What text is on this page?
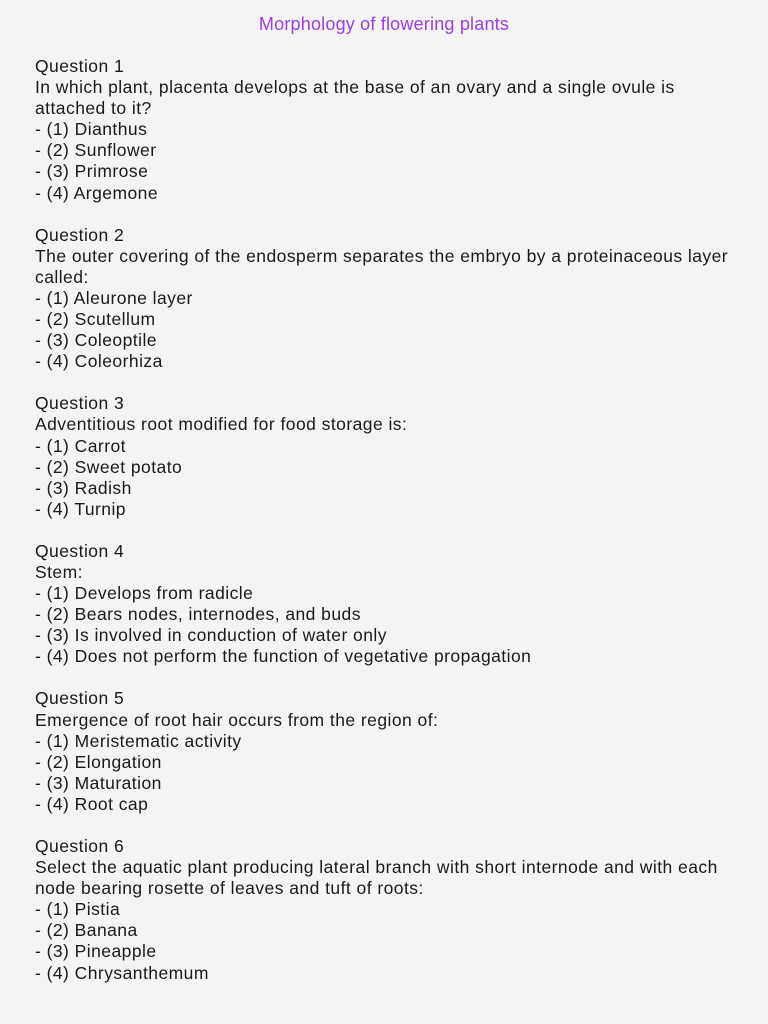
Morphology of flowering plants
Question 1
In which plant, placenta develops at the base of an ovary and a single ovule is attached to it?
- (1) Dianthus
- (2) Sunflower
- (3) Primrose
- (4) Argemone
Question 2
The outer covering of the endosperm separates the embryo by a proteinaceous layer called:
- (1) Aleurone layer
- (2) Scutellum
- (3) Coleoptile
- (4) Coleorhiza
Question 3
Adventitious root modified for food storage is:
- (1) Carrot
- (2) Sweet potato
- (3) Radish
- (4) Turnip
Question 4
Stem:
- (1) Develops from radicle
- (2) Bears nodes, internodes, and buds
- (3) Is involved in conduction of water only
- (4) Does not perform the function of vegetative propagation
Question 5
Emergence of root hair occurs from the region of:
- (1) Meristematic activity
- (2) Elongation
- (3) Maturation
- (4) Root cap
Question 6
Select the aquatic plant producing lateral branch with short internode and with each node bearing rosette of leaves and tuft of roots:
- (1) Pistia
- (2) Banana
- (3) Pineapple
- (4) Chrysanthemum
